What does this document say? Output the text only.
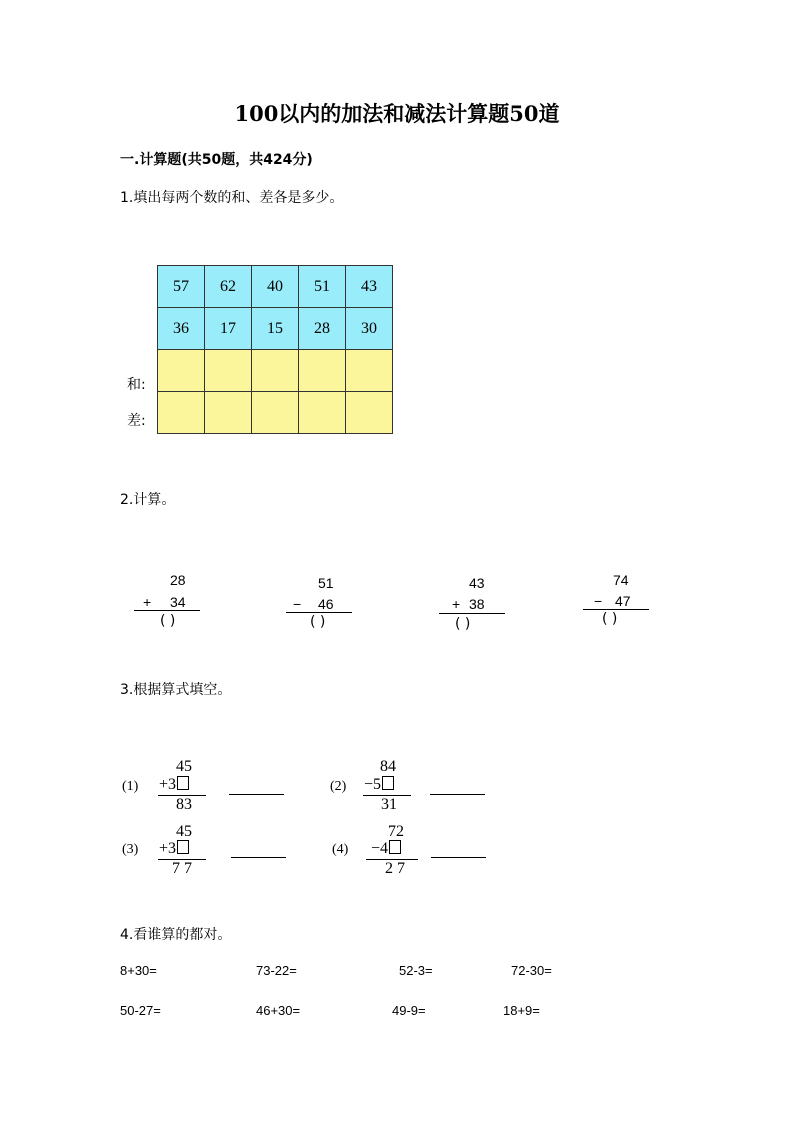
100以内的加法和减法计算题50道
一.计算题(共50题，共424分)
1.填出每两个数的和、差各是多少。
57	62	40	51	43
36	17	15	28	30

和:
差:
2.计算。
28
+ 34
( )
51
− 46
( )
43
+ 38
( )
74
− 47
( )
3.根据算式填空。
(1)
45
+3
83
(2)
84
−5
31
(3)
45
+3
7 7
(4)
72
−4
2 7
4.看谁算的都对。
8+30=	73-22=	52-3=	72-30=
50-27=	46+30=	49-9=	18+9=
